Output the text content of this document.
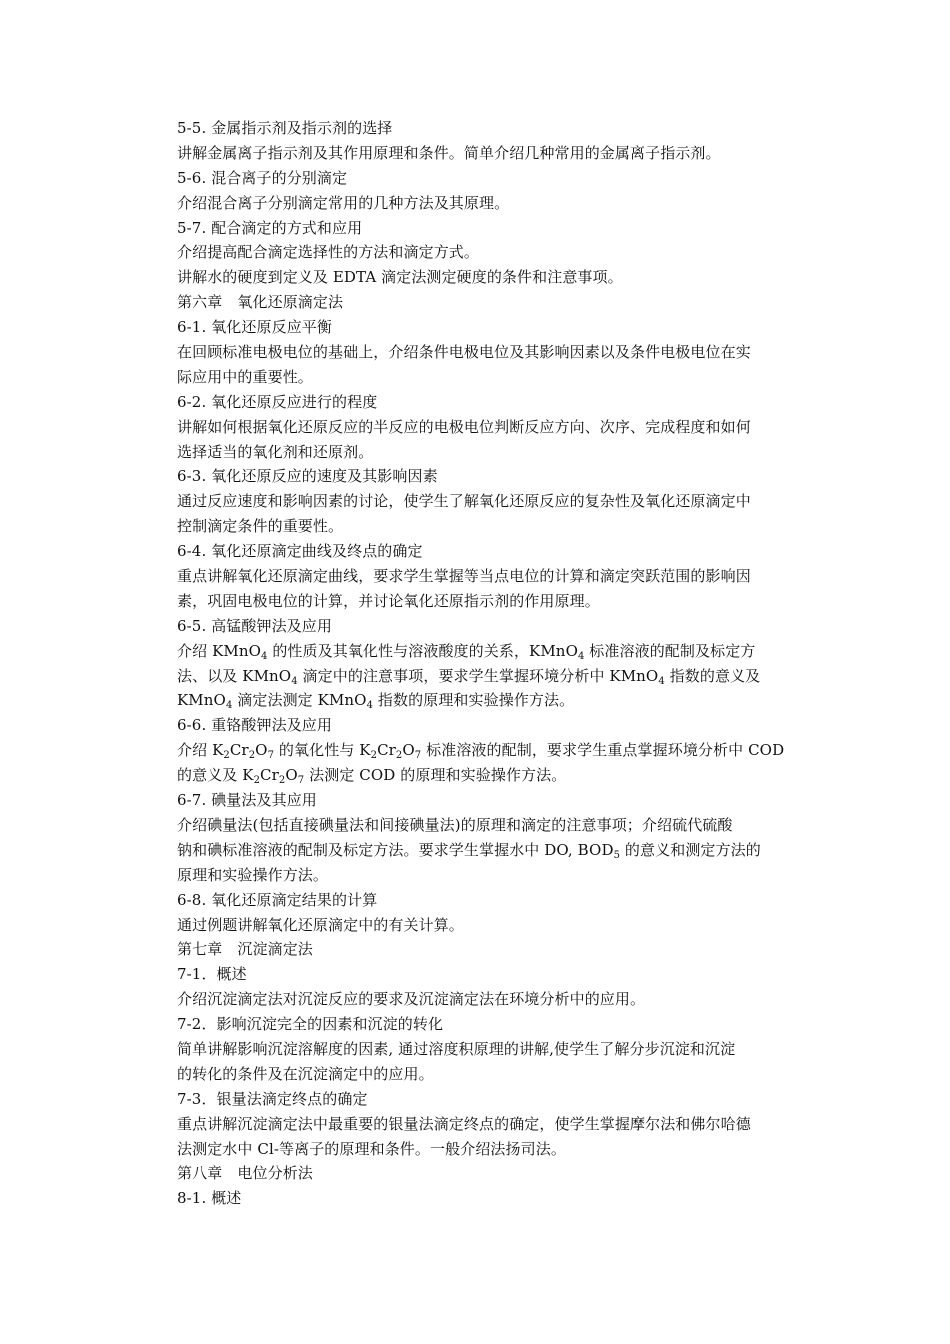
5-5. 金属指示剂及指示剂的选择
讲解金属离子指示剂及其作用原理和条件。简单介绍几种常用的金属离子指示剂。
5-6. 混合离子的分别滴定
介绍混合离子分别滴定常用的几种方法及其原理。
5-7. 配合滴定的方式和应用
介绍提高配合滴定选择性的方法和滴定方式。
讲解水的硬度到定义及 EDTA 滴定法测定硬度的条件和注意事项。
第六章　氧化还原滴定法
6-1. 氧化还原反应平衡
在回顾标准电极电位的基础上，介绍条件电极电位及其影响因素以及条件电极电位在实
际应用中的重要性。
6-2. 氧化还原反应进行的程度
讲解如何根据氧化还原反应的半反应的电极电位判断反应方向、次序、完成程度和如何
选择适当的氧化剂和还原剂。
6-3. 氧化还原反应的速度及其影响因素
通过反应速度和影响因素的讨论，使学生了解氧化还原反应的复杂性及氧化还原滴定中
控制滴定条件的重要性。
6-4. 氧化还原滴定曲线及终点的确定
重点讲解氧化还原滴定曲线，要求学生掌握等当点电位的计算和滴定突跃范围的影响因
素，巩固电极电位的计算，并讨论氧化还原指示剂的作用原理。
6-5. 高锰酸钾法及应用
介绍 KMnO$_4$ 的性质及其氧化性与溶液酸度的关系，KMnO$_4$ 标准溶液的配制及标定方
法、以及 KMnO$_4$ 滴定中的注意事项，要求学生掌握环境分析中 KMnO$_4$ 指数的意义及
KMnO$_4$ 滴定法测定 KMnO$_4$ 指数的原理和实验操作方法。
6-6. 重铬酸钾法及应用
介绍 $K_2Cr_2O_7$ 的氧化性与 $K_2Cr_2O_7$ 标准溶液的配制，要求学生重点掌握环境分析中 COD
的意义及 $K_2Cr_2O_7$ 法测定 COD 的原理和实验操作方法。
6-7. 碘量法及其应用
介绍碘量法(包括直接碘量法和间接碘量法)的原理和滴定的注意事项；介绍硫代硫酸
钠和碘标准溶液的配制及标定方法。要求学生掌握水中 DO, $BOD_5$ 的意义和测定方法的
原理和实验操作方法。
6-8. 氧化还原滴定结果的计算
通过例题讲解氧化还原滴定中的有关计算。
第七章　沉淀滴定法
7-1．概述
介绍沉淀滴定法对沉淀反应的要求及沉淀滴定法在环境分析中的应用。
7-2．影响沉淀完全的因素和沉淀的转化
简单讲解影响沉淀溶解度的因素, 通过溶度积原理的讲解,使学生了解分步沉淀和沉淀
的转化的条件及在沉淀滴定中的应用。
7-3．银量法滴定终点的确定
重点讲解沉淀滴定法中最重要的银量法滴定终点的确定，使学生掌握摩尔法和佛尔哈德
法测定水中 Cl-等离子的原理和条件。一般介绍法扬司法。
第八章　电位分析法
8-1. 概述
